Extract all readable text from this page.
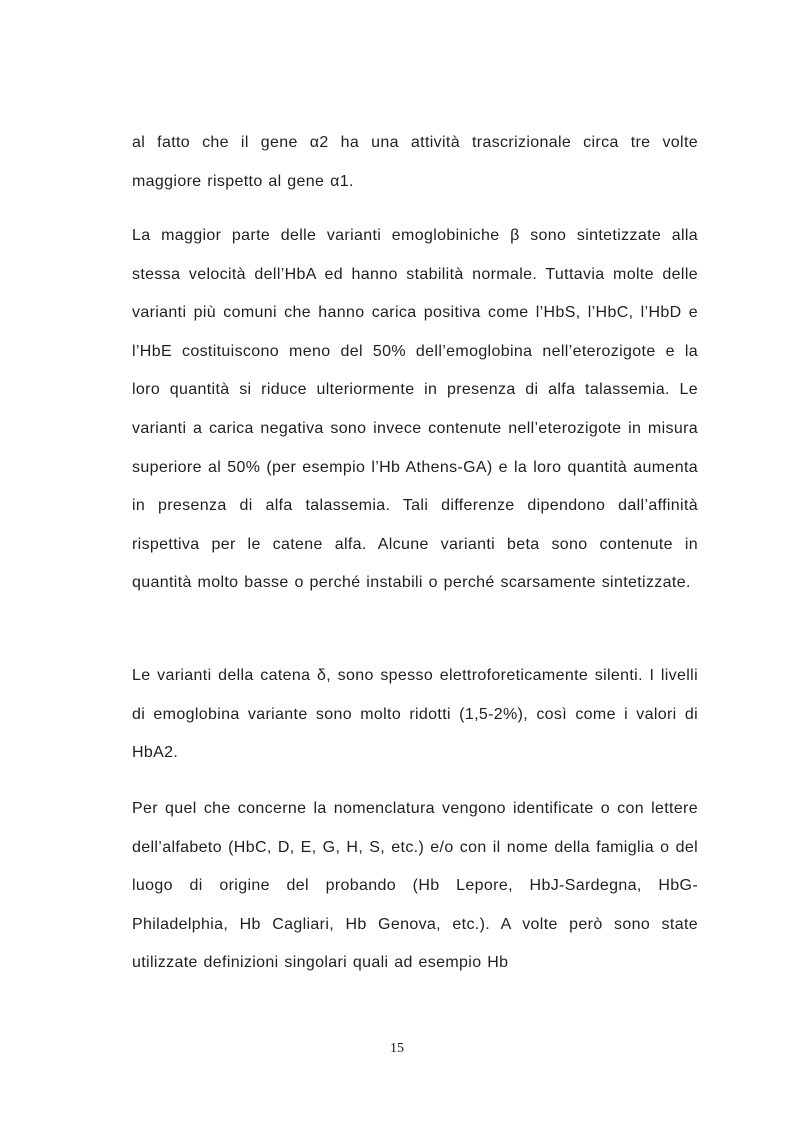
al fatto che il gene α2 ha una attività trascrizionale circa tre volte maggiore rispetto al gene α1.

La maggior parte delle varianti emoglobiniche β sono sintetizzate alla stessa velocità dell’HbA ed hanno stabilità normale. Tuttavia molte delle varianti più comuni che hanno carica positiva come l’HbS, l’HbC, l’HbD e l’HbE costituiscono meno del 50% dell’emoglobina nell’eterozigote e la loro quantità si riduce ulteriormente in presenza di alfa talassemia. Le varianti a carica negativa sono invece contenute nell’eterozigote in misura superiore al 50% (per esempio l’Hb Athens-GA) e la loro quantità aumenta in presenza di alfa talassemia. Tali differenze dipendono dall’affinità rispettiva per le catene alfa. Alcune varianti beta sono contenute in quantità molto basse o perché instabili o perché scarsamente sintetizzate.

Le varianti della catena δ, sono spesso elettroforeticamente silenti. I livelli di emoglobina variante sono molto ridotti (1,5-2%), così come i valori di HbA2.

Per quel che concerne la nomenclatura vengono identificate o con lettere dell’alfabeto (HbC, D, E, G, H, S, etc.) e/o con il nome della famiglia o del luogo di origine del probando (Hb Lepore, HbJ-Sardegna, HbG-Philadelphia, Hb Cagliari, Hb Genova, etc.). A volte però sono state utilizzate definizioni singolari quali ad esempio Hb

15
